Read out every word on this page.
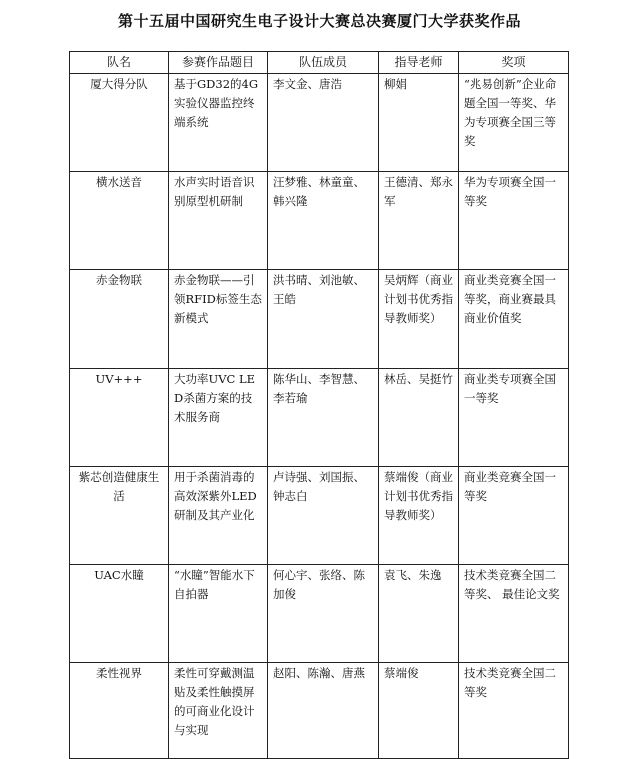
第十五届中国研究生电子设计大赛总决赛厦门大学获奖作品
队名	参赛作品题目	队伍成员	指导老师	奖项
厦大得分队	基于GD32的4G实验仪器监控终端系统	李文金、唐浩	柳娟	“兆易创新”企业命题全国一等奖、华为专项赛全国三等奖
横水送音	水声实时语音识别原型机研制	汪梦雅、林童童、韩兴隆	王德清、郑永军	华为专项赛全国一等奖
赤金物联	赤金物联——引领RFID标签生态新模式	洪书晴、刘池敏、王皓	吴炳辉（商业计划书优秀指导教师奖）	商业类竞赛全国一等奖，商业赛最具商业价值奖
UV+++	大功率UVC LED杀菌方案的技术服务商	陈华山、李智慧、李若瑜	林岳、吴挺竹	商业类专项赛全国一等奖
紫芯创造健康生活	用于杀菌消毒的高效深紫外LED研制及其产业化	卢诗强、刘国振、钟志白	蔡端俊（商业计划书优秀指导教师奖）	商业类竞赛全国一等奖
UAC水瞳	“水瞳”智能水下自拍器	何心宇、张络、陈加俊	袁飞、朱逸	技术类竞赛全国二等奖、 最佳论文奖
柔性视界	柔性可穿戴测温贴及柔性触摸屏的可商业化设计与实现	赵阳、陈瀚、唐燕	蔡端俊	技术类竞赛全国二等奖
